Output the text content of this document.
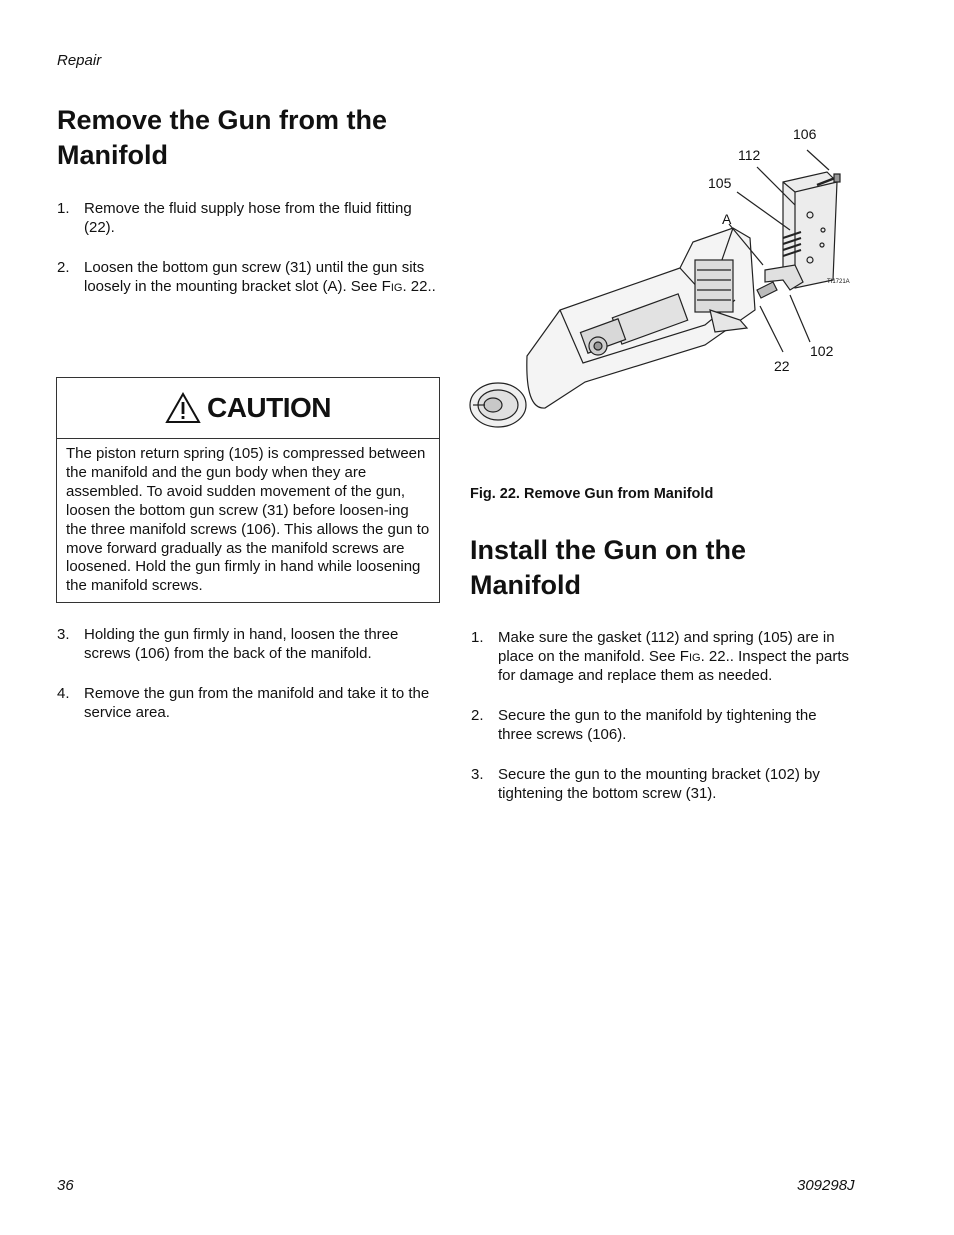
Repair
Remove the Gun from the Manifold
1. Remove the fluid supply hose from the fluid fitting (22).
2. Loosen the bottom gun screw (31) until the gun sits loosely in the mounting bracket slot (A). See Fig. 22..
CAUTION
The piston return spring (105) is compressed between the manifold and the gun body when they are assembled. To avoid sudden movement of the gun, loosen the bottom gun screw (31) before loosen-ing the three manifold screws (106). This allows the gun to move forward gradually as the manifold screws are loosened. Hold the gun firmly in hand while loosening the manifold screws.
3. Holding the gun firmly in hand, loosen the three screws (106) from the back of the manifold.
4. Remove the gun from the manifold and take it to the service area.
106
112
105
A
TI1721A
102
22
Fig. 22. Remove Gun from Manifold
Install the Gun on the Manifold
1. Make sure the gasket (112) and spring (105) are in place on the manifold. See Fig. 22.. Inspect the parts for damage and replace them as needed.
2. Secure the gun to the manifold by tightening the three screws (106).
3. Secure the gun to the mounting bracket (102) by tightening the bottom screw (31).
36	309298J
